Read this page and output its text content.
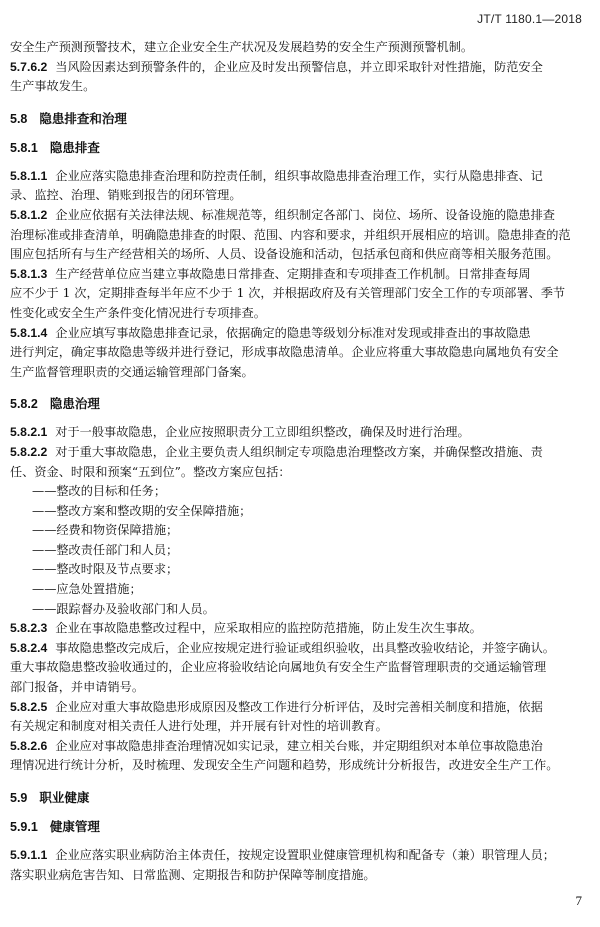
JT/T 1180.1—2018
安全生产预测预警技术，建立企业安全生产状况及发展趋势的安全生产预测预警机制。
5.7.6.2 当风险因素达到预警条件的，企业应及时发出预警信息，并立即采取针对性措施，防范安全
生产事故发生。
5.8 隐患排查和治理
5.8.1 隐患排查
5.8.1.1 企业应落实隐患排查治理和防控责任制，组织事故隐患排查治理工作，实行从隐患排查、记
录、监控、治理、销账到报告的闭环管理。
5.8.1.2 企业应依据有关法律法规、标准规范等，组织制定各部门、岗位、场所、设备设施的隐患排查
治理标准或排查清单，明确隐患排查的时限、范围、内容和要求，并组织开展相应的培训。隐患排查的范
围应包括所有与生产经营相关的场所、人员、设备设施和活动，包括承包商和供应商等相关服务范围。
5.8.1.3 生产经营单位应当建立事故隐患日常排查、定期排查和专项排查工作机制。日常排查每周
应不少于 1 次，定期排查每半年应不少于 1 次，并根据政府及有关管理部门安全工作的专项部署、季节
性变化或安全生产条件变化情况进行专项排查。
5.8.1.4 企业应填写事故隐患排查记录，依据确定的隐患等级划分标准对发现或排查出的事故隐患
进行判定，确定事故隐患等级并进行登记，形成事故隐患清单。企业应将重大事故隐患向属地负有安全
生产监督管理职责的交通运输管理部门备案。
5.8.2 隐患治理
5.8.2.1 对于一般事故隐患，企业应按照职责分工立即组织整改，确保及时进行治理。
5.8.2.2 对于重大事故隐患，企业主要负责人组织制定专项隐患治理整改方案，并确保整改措施、责
任、资金、时限和预案“五到位”。整改方案应包括：
——整改的目标和任务；
——整改方案和整改期的安全保障措施；
——经费和物资保障措施；
——整改责任部门和人员；
——整改时限及节点要求；
——应急处置措施；
——跟踪督办及验收部门和人员。
5.8.2.3 企业在事故隐患整改过程中，应采取相应的监控防范措施，防止发生次生事故。
5.8.2.4 事故隐患整改完成后，企业应按规定进行验证或组织验收，出具整改验收结论，并签字确认。
重大事故隐患整改验收通过的，企业应将验收结论向属地负有安全生产监督管理职责的交通运输管理
部门报备，并申请销号。
5.8.2.5 企业应对重大事故隐患形成原因及整改工作进行分析评估，及时完善相关制度和措施，依据
有关规定和制度对相关责任人进行处理，并开展有针对性的培训教育。
5.8.2.6 企业应对事故隐患排查治理情况如实记录，建立相关台账，并定期组织对本单位事故隐患治
理情况进行统计分析，及时梳理、发现安全生产问题和趋势，形成统计分析报告，改进安全生产工作。
5.9 职业健康
5.9.1 健康管理
5.9.1.1 企业应落实职业病防治主体责任，按规定设置职业健康管理机构和配备专（兼）职管理人员；
落实职业病危害告知、日常监测、定期报告和防护保障等制度措施。
7
